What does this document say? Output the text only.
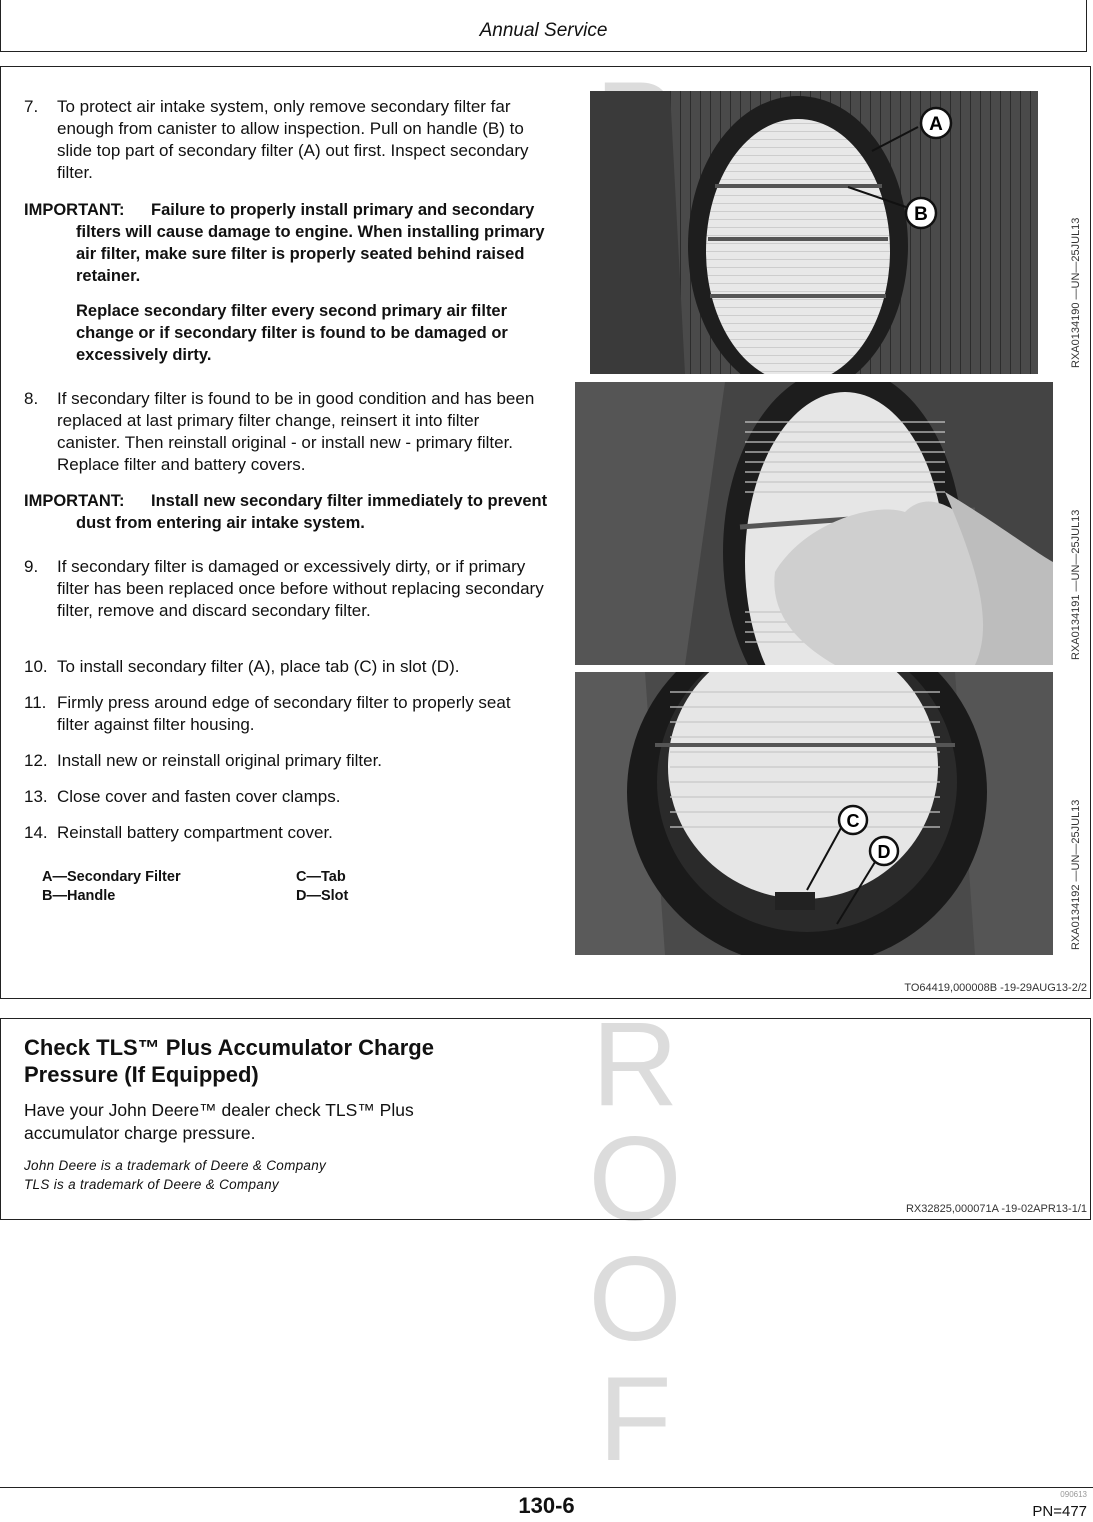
Annual Service
R
O
O
F
7. To protect air intake system, only remove secondary filter far enough from canister to allow inspection. Pull on handle (B) to slide top part of secondary filter (A) out first. Inspect secondary filter.
IMPORTANT:	Failure to properly install primary and secondary filters will cause damage to engine. When installing primary air filter, make sure filter is properly seated behind raised retainer.
Replace secondary filter every second primary air filter change or if secondary filter is found to be damaged or excessively dirty.
8. If secondary filter is found to be in good condition and has been replaced at last primary filter change, reinsert it into filter canister. Then reinstall original - or install new - primary filter. Replace filter and battery covers.
IMPORTANT:	Install new secondary filter immediately to prevent dust from entering air intake system.
9. If secondary filter is damaged or excessively dirty, or if primary filter has been replaced once before without replacing secondary filter, remove and discard secondary filter.
10. To install secondary filter (A), place tab (C) in slot (D).
11. Firmly press around edge of secondary filter to properly seat filter against filter housing.
12. Install new or reinstall original primary filter.
13. Close cover and fasten cover clamps.
14. Reinstall battery compartment cover.
A—Secondary Filter
B—Handle
C—Tab
D—Slot
A
B
C
D
RXA0134190 —UN—25JUL13
RXA0134191 —UN—25JUL13
RXA0134192 —UN—25JUL13
TO64419,000008B -19-29AUG13-2/2
Check TLS™ Plus Accumulator Charge Pressure (If Equipped)
Have your John Deere™ dealer check TLS™ Plus accumulator charge pressure.
John Deere is a trademark of Deere & Company
TLS is a trademark of Deere & Company
RX32825,000071A -19-02APR13-1/1
130-6	090613
PN=477
